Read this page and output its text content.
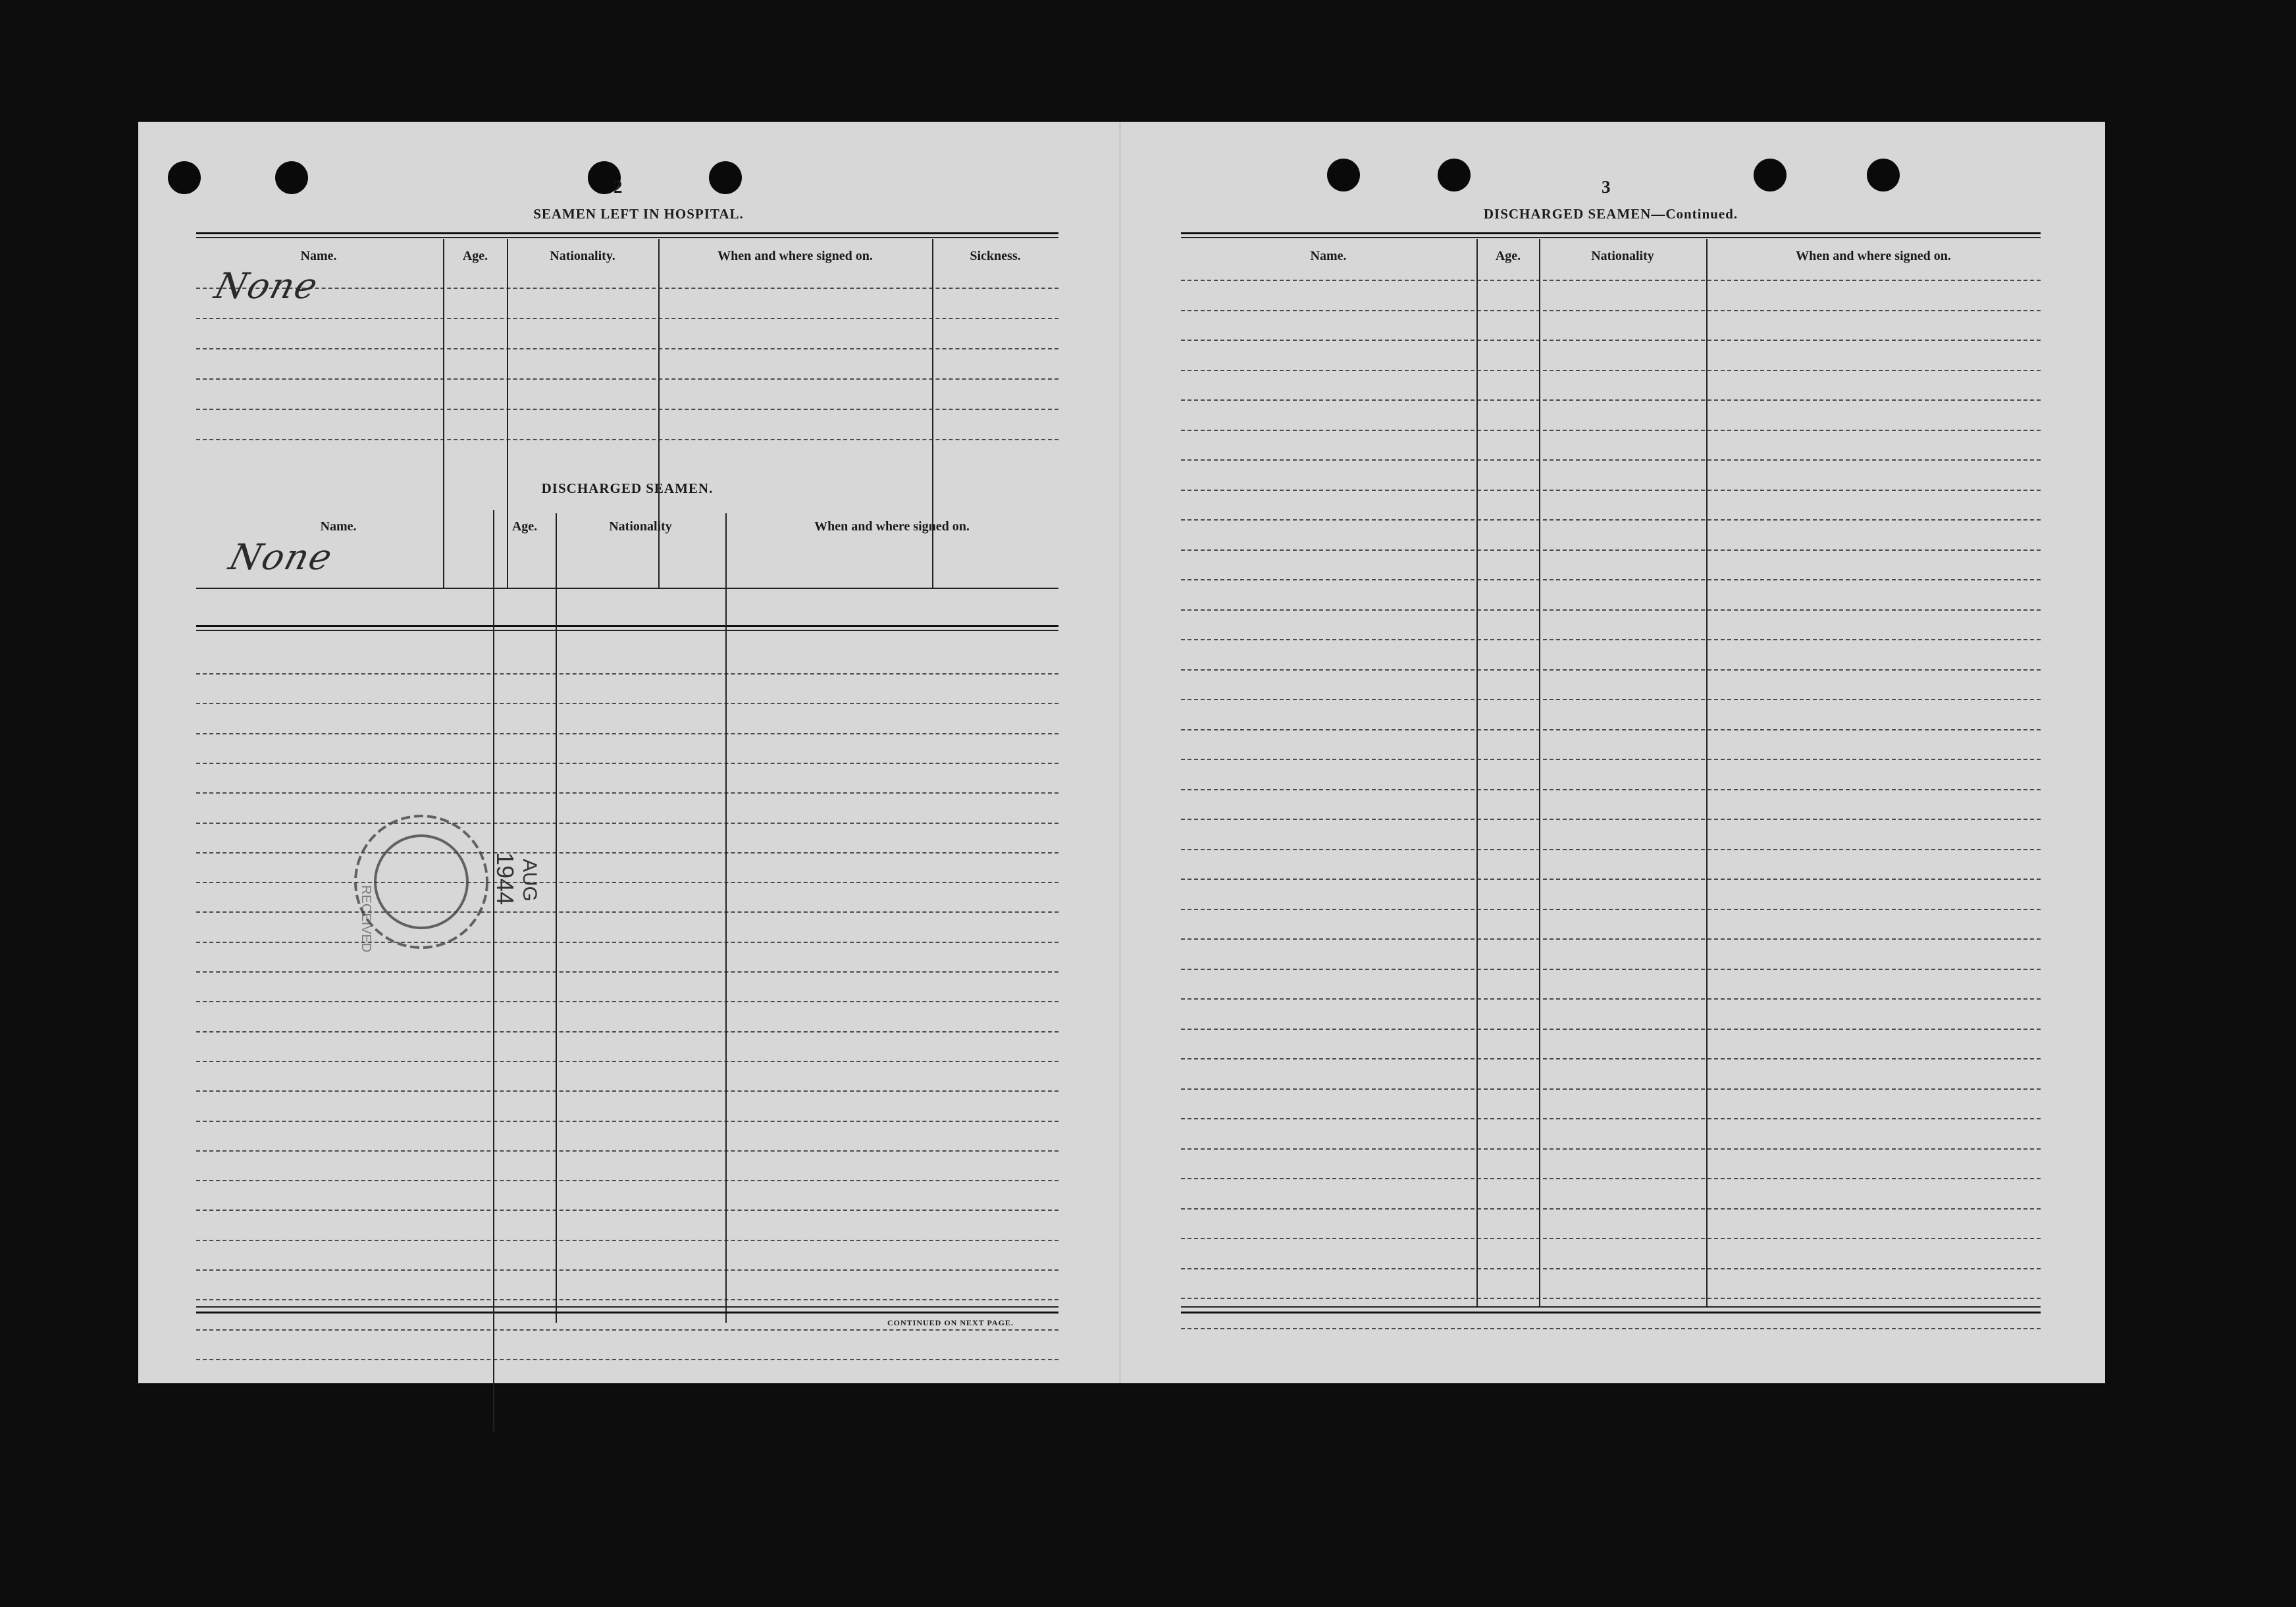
2
SEAMEN LEFT IN HOSPITAL.
Name.	Age.	Nationality.	When and where signed on.	Sickness.
None
DISCHARGED SEAMEN.
Name.	Age.	Nationality	When and where signed on.
None
CONTINUED ON NEXT PAGE.
3
DISCHARGED SEAMEN—Continued.
Name.	Age.	Nationality	When and where signed on.
RECEIVED
1944 AUG
